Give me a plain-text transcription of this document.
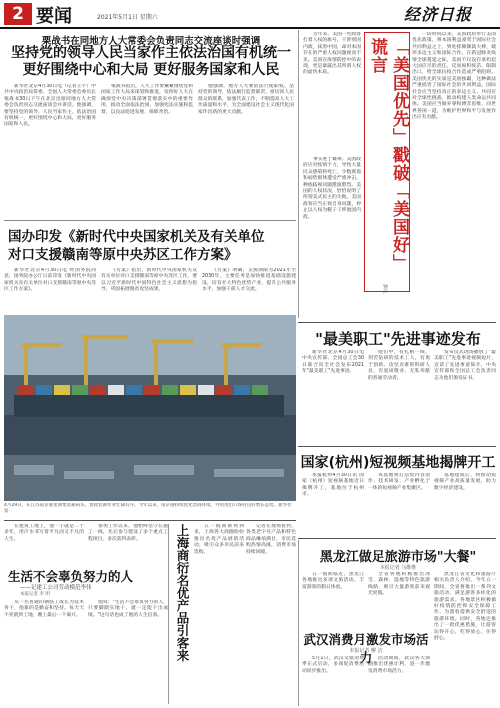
2 要闻	2021年5月1日 星期六	经济日报
栗战书在同地方人大常委会负责同志交流座谈时强调
坚持党的领导人民当家作主依法治国有机统一
更好围绕中心和大局 更好服务国家和人民

新华社北京4月30日电（记者王宇）中共中央政治局常委、全国人大常委会委员长栗战书30日下午在北京出席同地方人大常委会负责同志交流座谈会并讲话。他强调，要坚持党的领导、人民当家作主、依法治国有机统一，更好围绕中心和大局，更好服务国家和人民。

栗战书指出，人大工作要紧紧围绕党和国家工作大局来谋划和推进，发挥好人大在确保党中央决策部署贯彻落实中的重要作用，推动全面依法治国，加强宪法实施和监督，以良法促进发展、保障善治。

他强调，地方人大要依法行使职权，坚持党的领导，依法履行监督职责，密切同人民群众的联系，加强代表工作，不断提高人大工作质量和水平，为全面建设社会主义现代化国家作出新的更大贡献。

近年来，美国一些政客打着人权的旗号，干涉别国内政，抹黑中国，却对本国存在的严重人权问题视而不见。美国在疫情防控中的表现，更是暴露出其所谓人权的虚伪本质。

事实胜于雄辩。美国政府应对疫情不力，导致大量民众感染和死亡，少数族裔和弱势群体遭受严重冲击，种族歧视问题愈演愈烈。美国的人权状况，恰恰说明了所谓美式民主的失败。美国政客应当正视自身问题，停止以人权为幌子干涉他国内政。	「美国优先」戳破「美国好」谎言
钟声

一段时间以来，美国政府奉行美国优先政策，将本国利益凌驾于国际社会共同利益之上，到处挥舞制裁大棒，破坏多边主义和国际合作。在新冠肺炎疫情全球蔓延之际，美国不仅没有承担起大国应尽的责任，反而囤积疫苗、限制出口，给全球抗疫合作造成严重阻碍。美国优先的实质是美国独霸，这种做法严重损害了国际社会的共同利益。国际社会应当坚持真正的多边主义，共同应对全球性挑战，推动构建人类命运共同体。美国应当摒弃零和博弈思维，同世界各国一道，为维护世界和平与发展作出应有贡献。

国办印发《新时代中央国家机关及有关单位
对口支援赣南等原中央苏区工作方案》

新华社北京4月30日电 经国务院同意，国务院办公厅日前印发《新时代中央国家机关及有关单位对口支援赣南等原中央苏区工作方案》。

《方案》指出，新时代中央国家机关及有关单位对口支援赣南等原中央苏区工作，要以习近平新时代中国特色社会主义思想为指导，巩固拓展脱贫攻坚成果。

《方案》明确，支援期限为2021年至2030年，主要任务是加快推进基础设施建设，培育壮大特色优势产业，提升公共服务水平，加强干部人才交流。

4月29日，在江苏南京港龙潭集装箱码头，货轮装卸作业忙碌有序。今年以来，南京港持续优化营商环境，外贸进出口保持良好增长态势。新华社发
"最美职工"先进事迹发布

新华社北京4月30日电 中央宣传部、全国总工会30日联合向全社会发布2021年"最美职工"先进事迹。

他们中，有扎根一线、刻苦钻研的技术工人，有勇于创新、攻坚克难的科研人员，有爱岗敬业、无私奉献的普通劳动者。

发布仪式现场播放了"最美职工"先进事迹视频短片，宣读了先进事迹简介，中央宣传部和全国总工会负责同志为他们颁发证书。

国家(杭州)短视频基地揭牌开工

本报杭州4月30日讯 国家（杭州）短视频基地近日揭牌开工，基地位于杭州市。

该基地将打造集内容创作、技术研发、产业孵化于一体的短视频产业集聚区。

基地建成后，将推动短视频产业高质量发展，助力数字经济建设。

黑龙江做足旅游市场"大餐"
本报记者 马维维

五一假期临近，黑龙江各地推出多项文旅活动，丰富游客的假日体验。

全省各地积极推出冰雪、森林、湿地等特色旅游线路，吸引大量游客前来观光度假。

黑龙江省文化和旅游厅相关负责人介绍，今年五一期间，全省将推出一系列文旅活动，满足游客多样化的旅游需求。各地景区积极做好疫情防控和安全保障工作，为游客提供安全舒适的旅游环境。同时，各地还推出了一批优惠措施，让游客玩得开心、吃得放心、住得舒心。

武汉消费月激发市场活力
本报记者 柳 洁

5月1日，武汉文旅消费季正式启动，多项促消费活动同步推出。

活动期间，武汉各大商圈推出优惠让利，进一步激发消费市场活力。

在建筑工地上，他一干就是二十多年，用汗水书写着平凡而又不凡的人生。

参加工作以来，他始终坚守在施工一线，先后参与建设了多个重点工程项目，多次获得表彰。

生活不会辜负努力的人
——记建工公司劳动模范李伟
本报记者 李 明

从一名普通的钢筋工成长为技术骨干，他靠的是勤奋和坚持。每天天不亮就到工地，晚上最后一个离开。

他说："生活不会辜负努力的人，只要脚踏实地干，就一定能干出成绩。"这句话也成了他的人生信条。	上海商衍名优产品引客来	五一假期即将到来，上海各大商圈纷纷推出名优产品展销活动，吸引众多市民前来选购。

记者在现场看到，各类老字号产品和特色商品琳琅满目，市民选购热情高涨，消费市场持续回暖。
